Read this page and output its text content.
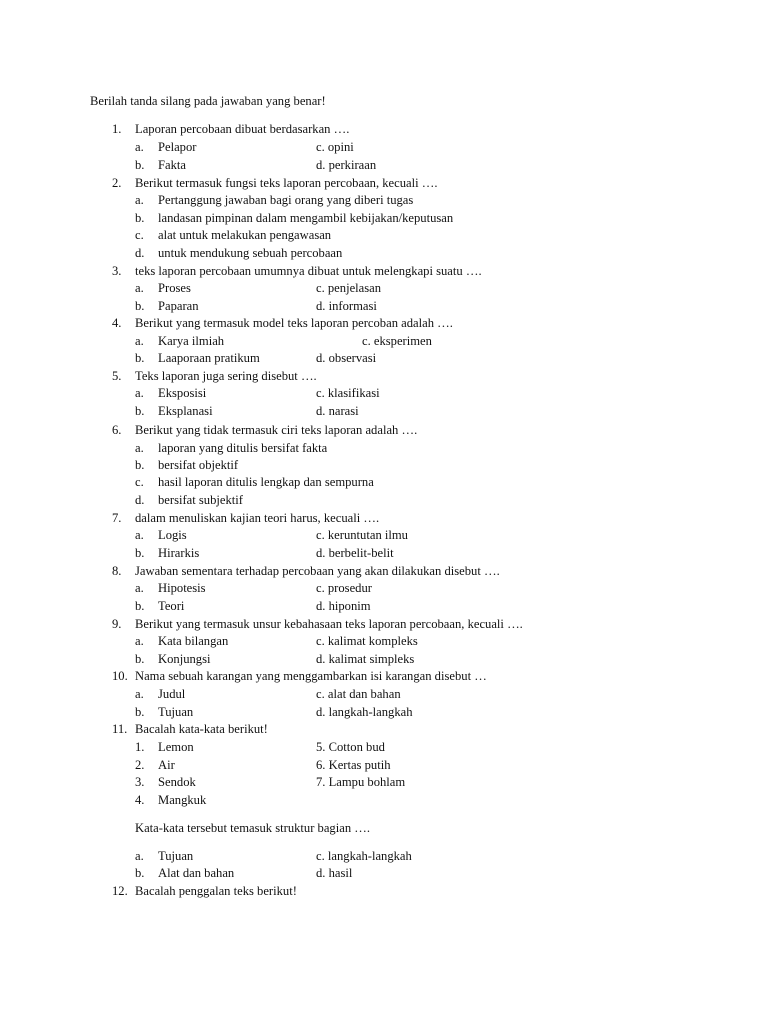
Berilah tanda silang pada jawaban yang benar!
1. Laporan percobaan dibuat berdasarkan ….
a. Pelapor	c. opini
b. Fakta	d. perkiraan
2. Berikut termasuk fungsi teks laporan percobaan, kecuali ….
a. Pertanggung jawaban bagi orang yang diberi tugas
b. landasan pimpinan dalam mengambil kebijakan/keputusan
c. alat untuk melakukan pengawasan
d. untuk mendukung sebuah percobaan
3. teks laporan percobaan umumnya dibuat untuk melengkapi suatu ….
a. Proses	c. penjelasan
b. Paparan	d. informasi
4. Berikut yang termasuk model teks laporan percoban adalah ….
a. Karya ilmiah	c. eksperimen
b. Laaporaan pratikum	d. observasi
5. Teks laporan juga sering disebut ….
a. Eksposisi	c. klasifikasi
b. Eksplanasi	d. narasi
6. Berikut yang tidak termasuk ciri teks laporan adalah ….
a. laporan yang ditulis bersifat fakta
b. bersifat objektif
c. hasil laporan ditulis lengkap dan sempurna
d. bersifat subjektif
7. dalam menuliskan kajian teori harus, kecuali ….
a. Logis	c. keruntutan ilmu
b. Hirarkis	d. berbelit-belit
8. Jawaban sementara terhadap percobaan yang akan dilakukan disebut ….
a. Hipotesis	c. prosedur
b. Teori	d. hiponim
9. Berikut yang termasuk unsur kebahasaan teks laporan percobaan, kecuali ….
a. Kata bilangan	c. kalimat kompleks
b. Konjungsi	d. kalimat simpleks
10. Nama sebuah karangan yang menggambarkan isi karangan disebut …
a. Judul	c. alat dan bahan
b. Tujuan	d. langkah-langkah
11. Bacalah kata-kata berikut!
1. Lemon	5. Cotton bud
2. Air	6. Kertas putih
3. Sendok	7. Lampu bohlam
4. Mangkuk
Kata-kata tersebut temasuk struktur bagian ….
a. Tujuan	c. langkah-langkah
b. Alat dan bahan	d. hasil
12. Bacalah penggalan teks berikut!
